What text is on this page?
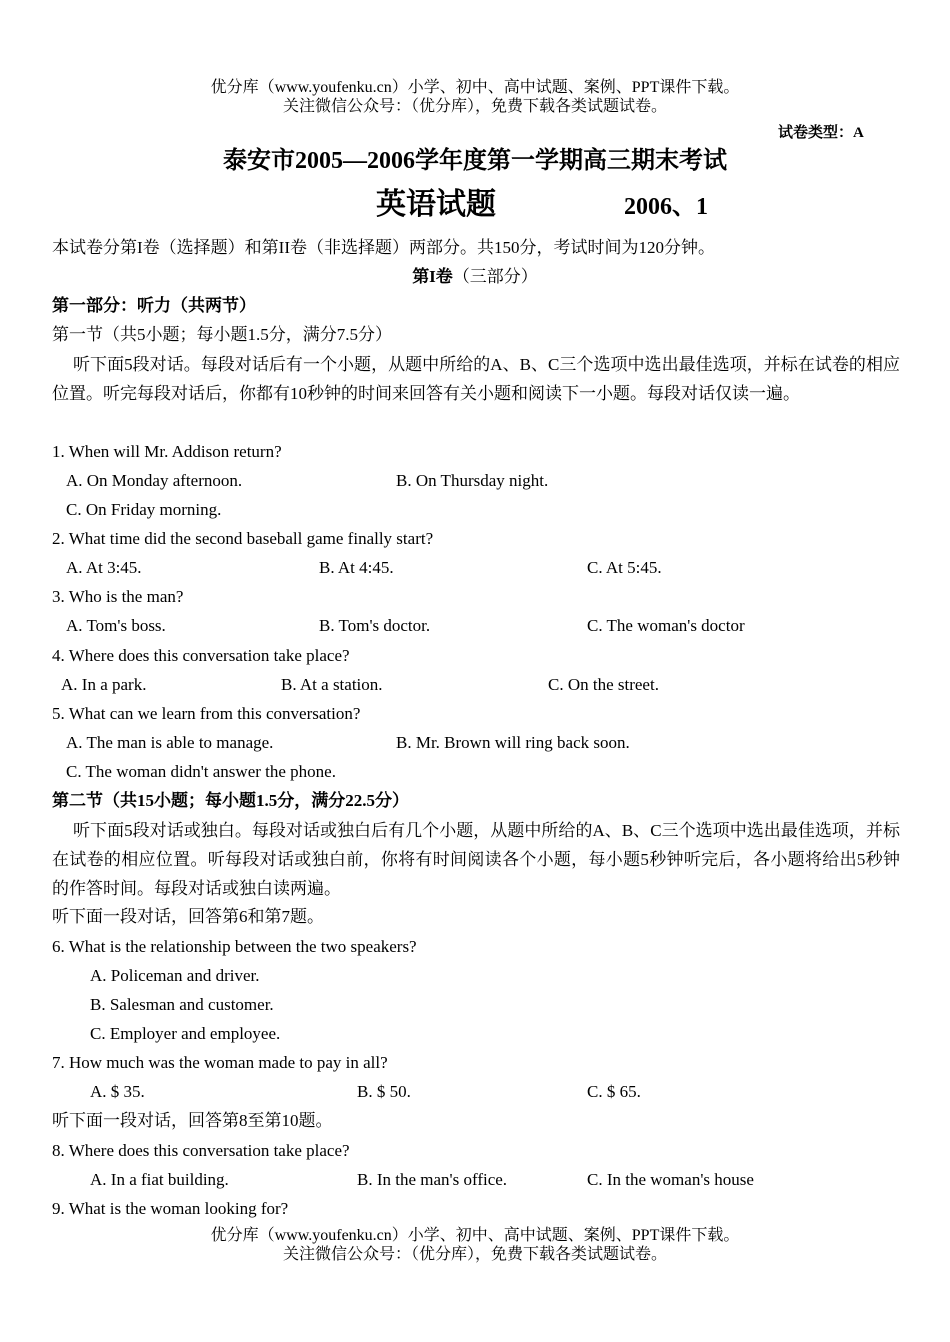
优分库（www.youfenku.cn）小学、初中、高中试题、案例、PPT课件下载。
关注微信公众号：（优分库），免费下载各类试题试卷。
试卷类型：A
泰安市2005—2006学年度第一学期高三期末考试
英语试题	2006、1
本试卷分第I卷（选择题）和第II卷（非选择题）两部分。共150分，考试时间为120分钟。
第I卷（三部分）
第一部分：听力（共两节）
第一节（共5小题；每小题1.5分，满分7.5分）
听下面5段对话。每段对话后有一个小题，从题中所给的A、B、C三个选项中选出最佳选项，并标在试卷的相应位置。听完每段对话后，你都有10秒钟的时间来回答有关小题和阅读下一小题。每段对话仅读一遍。
1. When will Mr. Addison return?
A. On Monday afternoon.	B. On Thursday night.
C. On Friday morning.
2. What time did the second baseball game finally start?
A. At 3:45.	B. At 4:45.	C. At 5:45.
3. Who is the man?
A. Tom's boss.	B. Tom's doctor.	C. The woman's doctor
4. Where does this conversation take place?
A. In a park.	B. At a station.	C. On the street.
5. What can we learn from this conversation?
A. The man is able to manage.	B. Mr. Brown will ring back soon.
C. The woman didn't answer the phone.
第二节（共15小题；每小题1.5分，满分22.5分）
听下面5段对话或独白。每段对话或独白后有几个小题，从题中所给的A、B、C三个选项中选出最佳选项，并标在试卷的相应位置。听每段对话或独白前，你将有时间阅读各个小题，每小题5秒钟听完后，各小题将给出5秒钟的作答时间。每段对话或独白读两遍。
听下面一段对话，回答第6和第7题。
6. What is the relationship between the two speakers?
A. Policeman and driver.
B. Salesman and customer.
C. Employer and employee.
7. How much was the woman made to pay in all?
A. $ 35.	B. $ 50.	C. $ 65.
听下面一段对话，回答第8至第10题。
8. Where does this conversation take place?
A. In a fiat building.	B. In the man's office.	C. In the woman's house
9. What is the woman looking for?
优分库（www.youfenku.cn）小学、初中、高中试题、案例、PPT课件下载。
关注微信公众号：（优分库），免费下载各类试题试卷。
